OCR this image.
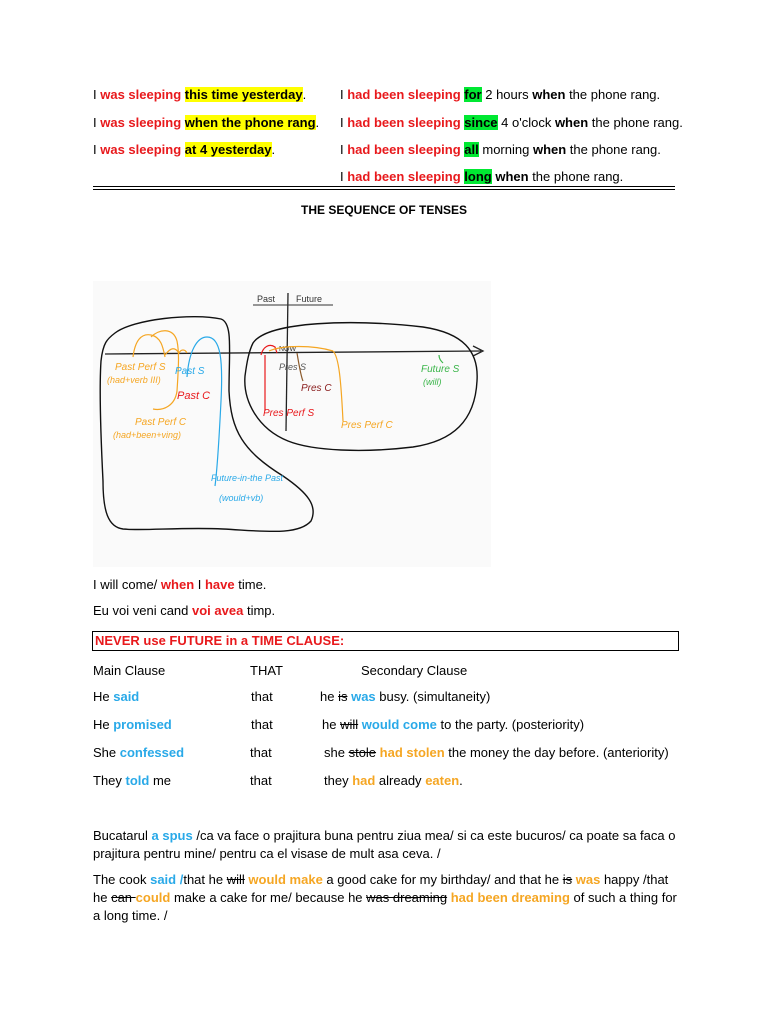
I was sleeping this time yesterday.
I was sleeping when the phone rang.
I was sleeping at 4 yesterday.
I had been sleeping for 2 hours when the phone rang.
I had been sleeping since 4 o'clock when the phone rang.
I had been sleeping all morning when the phone rang.
I had been sleeping long when the phone rang.
THE SEQUENCE OF TENSES
Past Future
NOW
Past Perf S
(had+verb III)
Past S
Past C
Past Perf C
(had+been+ving)
Future-in-the Past
(would+vb)
Pres S
Pres C
Pres Perf S
Pres Perf C
Future S
(will)
I will come/ when I have time.
Eu voi veni cand voi avea timp.
NEVER use FUTURE in a TIME CLAUSE:
Main Clause	THAT	Secondary Clause
He said	that	he is was busy. (simultaneity)
He promised	that	he will would come to the party. (posteriority)
She confessed	that	she stole had stolen the money the day before. (anteriority)
They told me	that	they had already eaten.
Bucatarul a spus /ca va face o prajitura buna pentru ziua mea/ si ca este bucuros/ ca poate sa faca o prajitura pentru mine/ pentru ca el visase de mult asa ceva. /
The cook said /that he will would make a good cake for my birthday/ and that he is was happy /that he can could make a cake for me/ because he was dreaming had been dreaming of such a thing for a long time. /
